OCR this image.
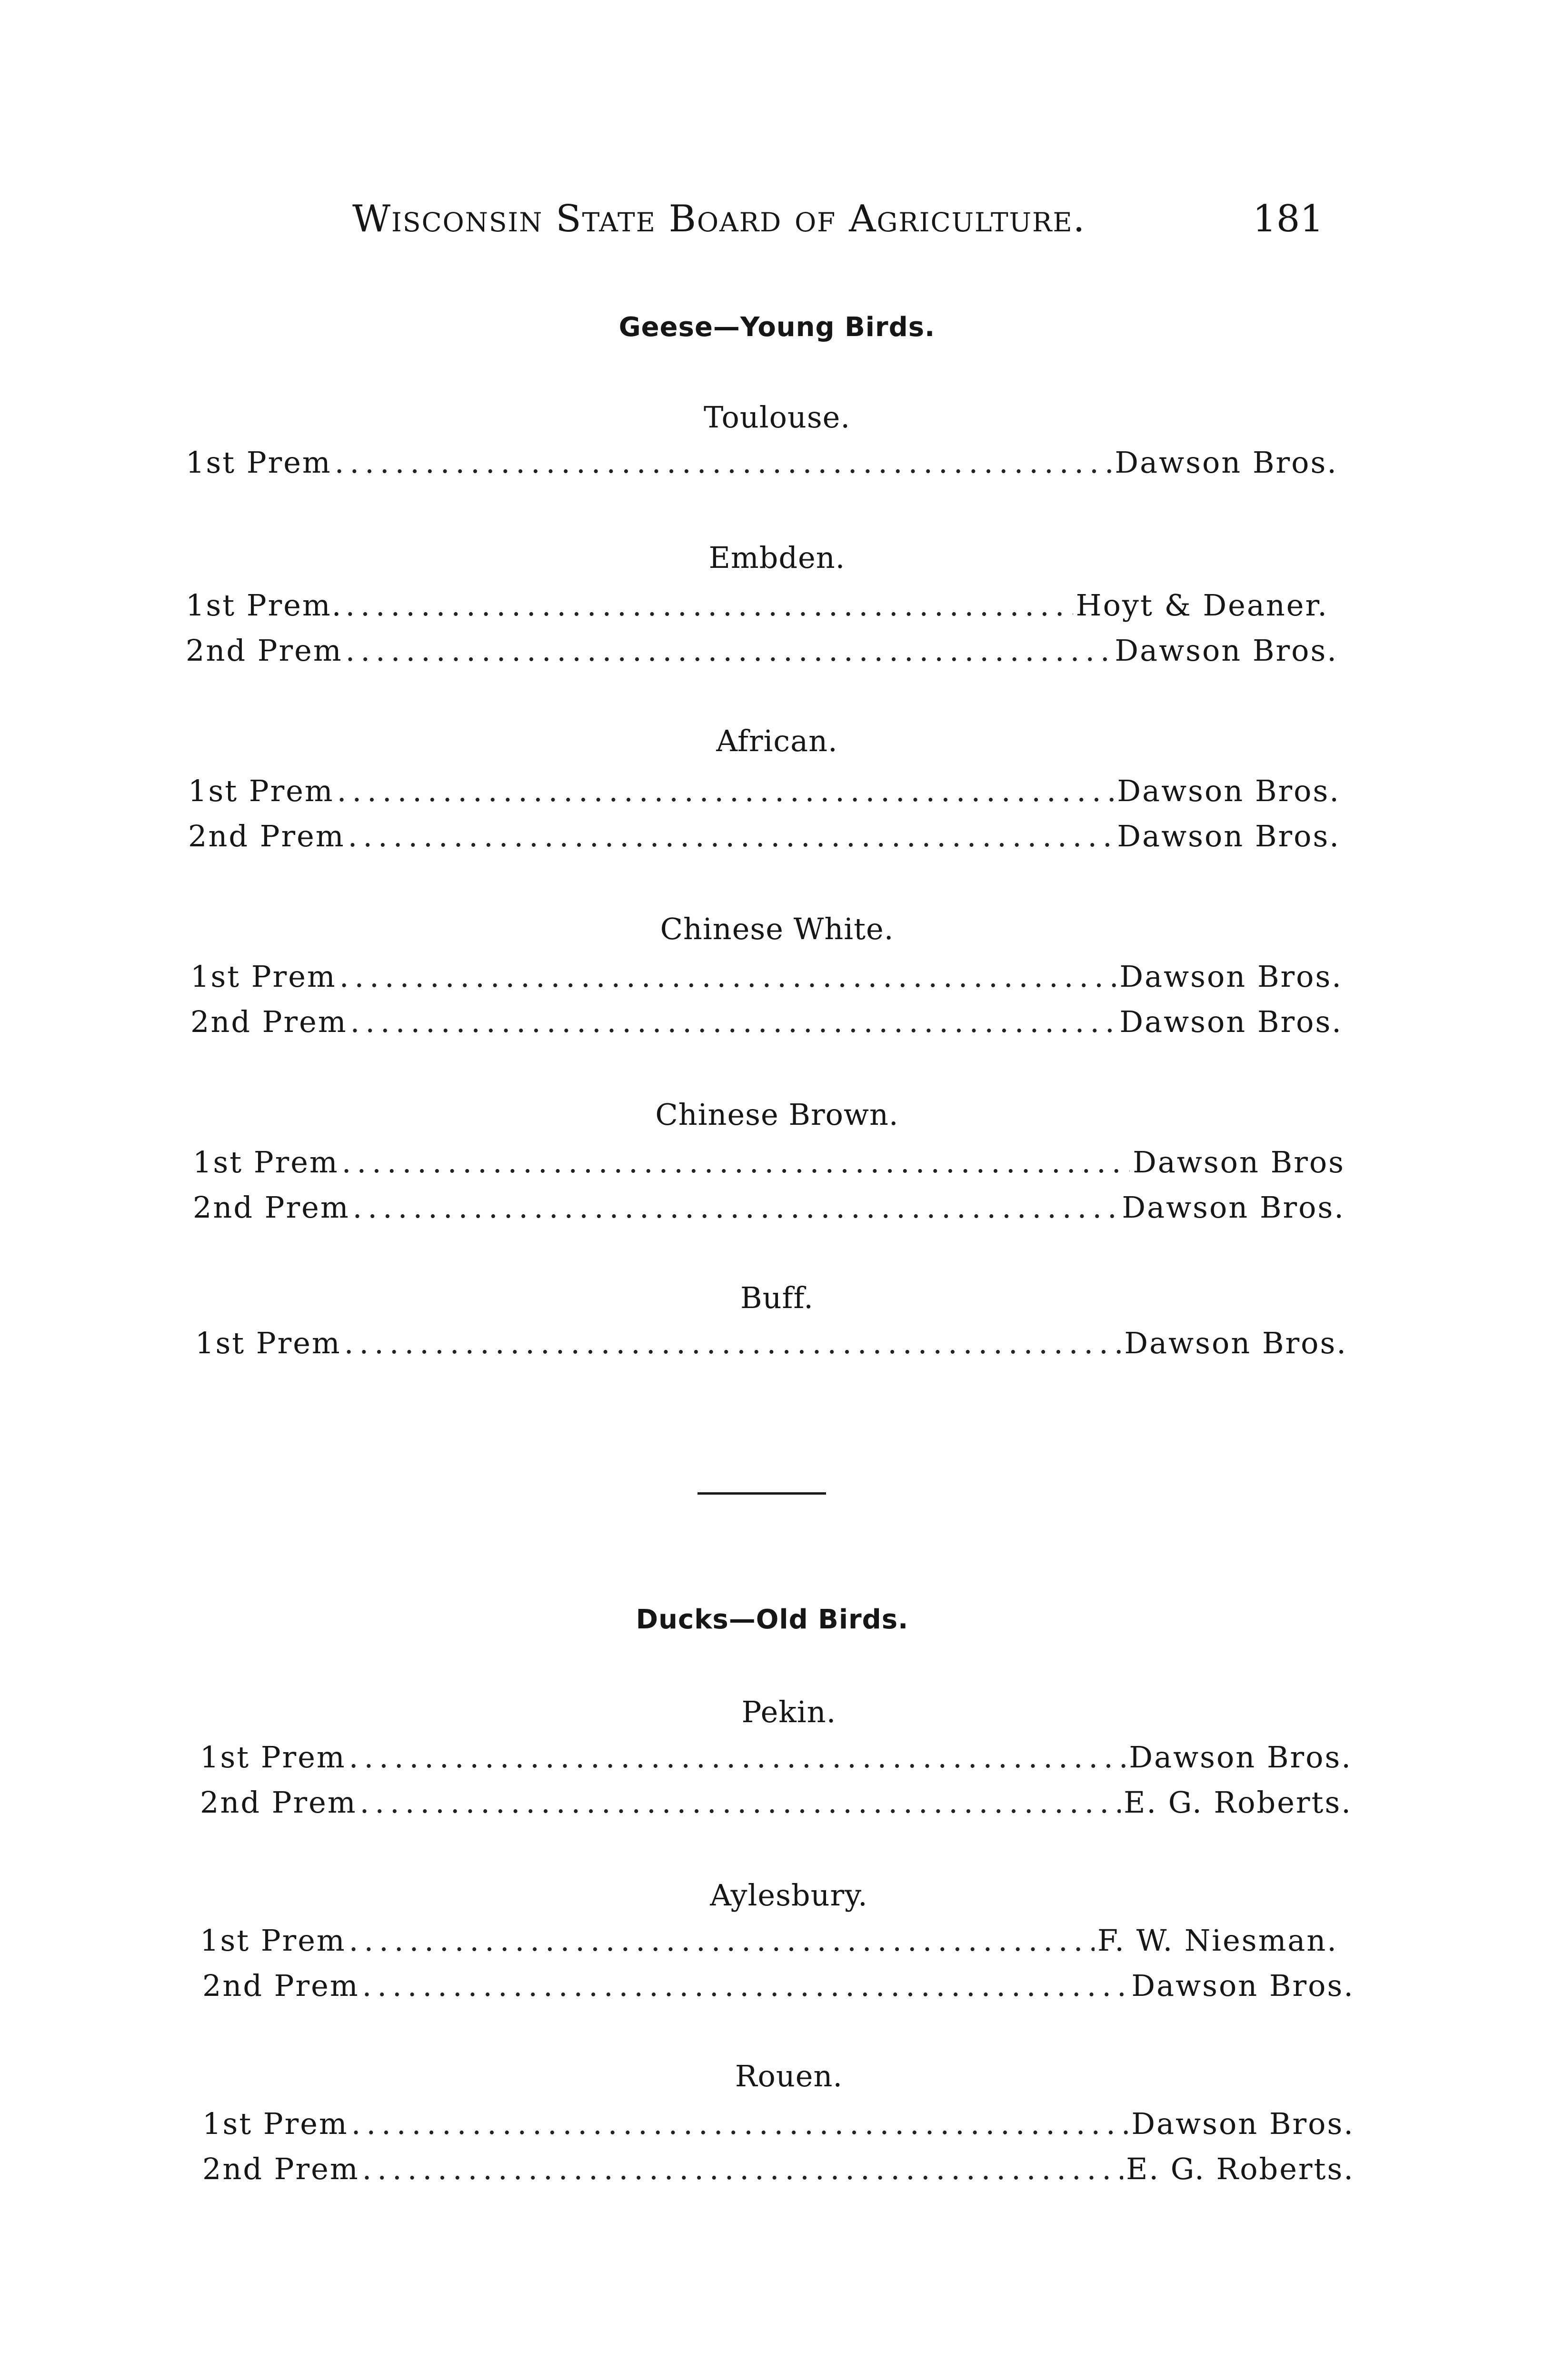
Wisconsin State Board of Agriculture.	181
Geese—Young Birds.
Toulouse.
1st Prem .....	Dawson Bros.
Embden.
1st Prem. .....	Hoyt & Deaner.
2nd Prem .....	Dawson Bros.
African.
1st Prem .....	Dawson Bros.
2nd Prem .....	Dawson Bros.
Chinese White.
1st Prem .....	Dawson Bros.
2nd Prem .....	Dawson Bros.
Chinese Brown.
1st Prem .....	Dawson Bros
2nd Prem .....	Dawson Bros.
Buff.
1st Prem .....	Dawson Bros.
Ducks—Old Birds.
Pekin.
1st Prem .....	Dawson Bros.
2nd Prem .....	E. G. Roberts.
Aylesbury.
1st Prem .....	F. W. Niesman.
2nd Prem .....	Dawson Bros.
Rouen.
1st Prem .....	Dawson Bros.
2nd Prem .....	E. G. Roberts.
